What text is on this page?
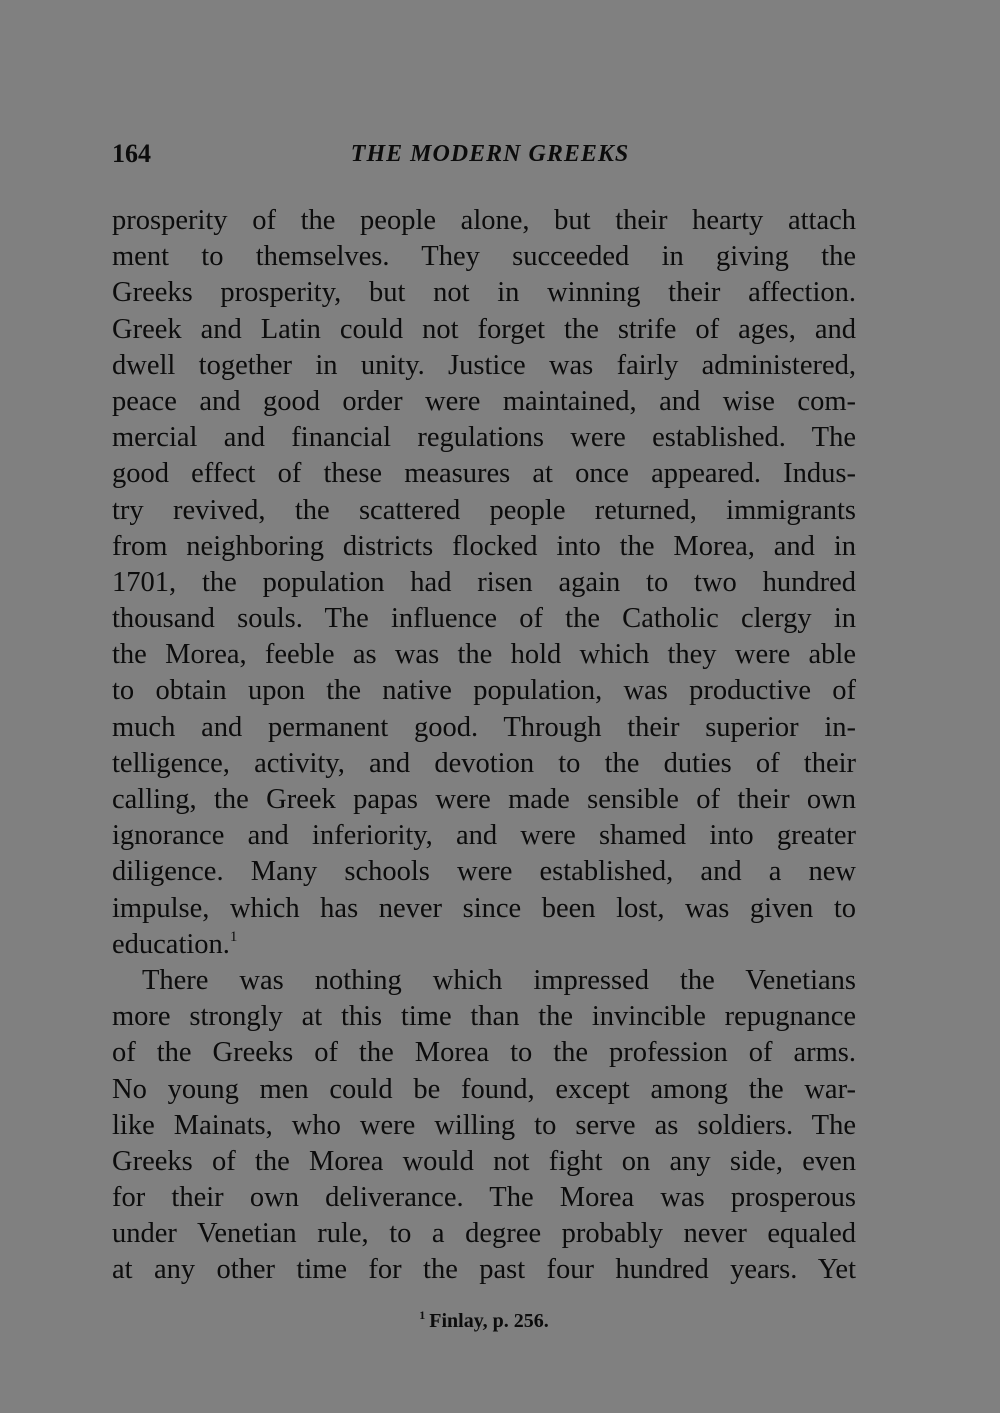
164	THE MODERN GREEKS
prosperity of the people alone, but their hearty attach
ment to themselves. They succeeded in giving the
Greeks prosperity, but not in winning their affection.
Greek and Latin could not forget the strife of ages, and
dwell together in unity. Justice was fairly administered,
peace and good order were maintained, and wise com-
mercial and financial regulations were established. The
good effect of these measures at once appeared. Indus-
try revived, the scattered people returned, immigrants
from neighboring districts flocked into the Morea, and in
1701, the population had risen again to two hundred
thousand souls. The influence of the Catholic clergy in
the Morea, feeble as was the hold which they were able
to obtain upon the native population, was productive of
much and permanent good. Through their superior in-
telligence, activity, and devotion to the duties of their
calling, the Greek papas were made sensible of their own
ignorance and inferiority, and were shamed into greater
diligence. Many schools were established, and a new
impulse, which has never since been lost, was given to
education.$^1$
There was nothing which impressed the Venetians
more strongly at this time than the invincible repugnance
of the Greeks of the Morea to the profession of arms.
No young men could be found, except among the war-
like Mainats, who were willing to serve as soldiers. The
Greeks of the Morea would not fight on any side, even
for their own deliverance. The Morea was prosperous
under Venetian rule, to a degree probably never equaled
at any other time for the past four hundred years. Yet
$^1$ Finlay, p. 256.
